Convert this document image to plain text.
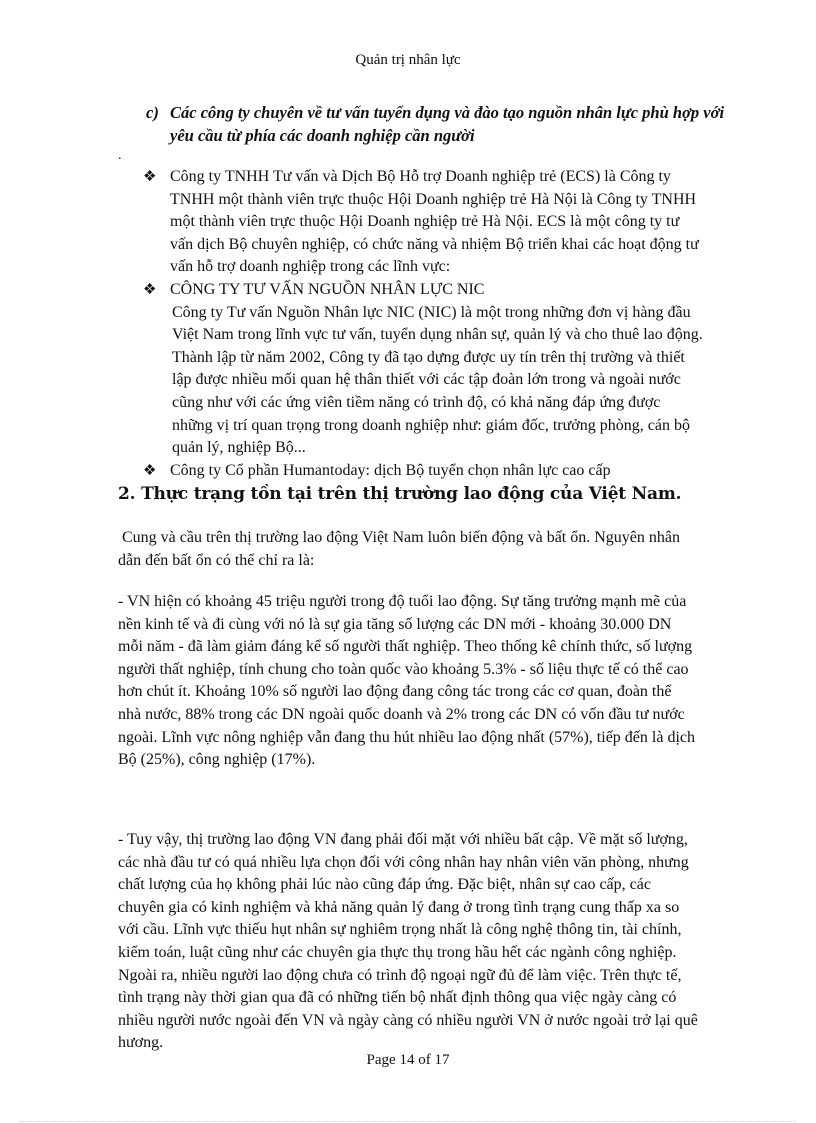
Quản trị nhân lực
c) Các công ty chuyên về tư vấn tuyển dụng và đào tạo nguồn nhân lực phù hợp với yêu cầu từ phía các doanh nghiệp cần người
.
❖ Công ty TNHH Tư vấn và Dịch Bộ Hỗ trợ Doanh nghiệp trẻ (ECS) là Công ty TNHH một thành viên trực thuộc Hội Doanh nghiệp trẻ Hà Nội là Công ty TNHH một thành viên trực thuộc Hội Doanh nghiệp trẻ Hà Nội. ECS là một công ty tư vấn dịch Bộ chuyên nghiệp, có chức năng và nhiệm Bộ triển khai các hoạt động tư vấn hỗ trợ doanh nghiệp trong các lĩnh vực:
❖ CÔNG TY TƯ VẤN NGUỒN NHÂN LỰC NIC
Công ty Tư vấn Nguồn Nhân lực NIC (NIC) là một trong những đơn vị hàng đầu Việt Nam trong lĩnh vực tư vấn, tuyển dụng nhân sự, quản lý và cho thuê lao động. Thành lập từ năm 2002, Công ty đã tạo dựng được uy tín trên thị trường và thiết lập được nhiều mối quan hệ thân thiết với các tập đoàn lớn trong và ngoài nước cũng như với các ứng viên tiềm năng có trình độ, có khả năng đáp ứng được những vị trí quan trọng trong doanh nghiệp như: giám đốc, trưởng phòng, cán bộ quản lý, nghiệp Bộ...
❖ Công ty Cổ phần Humantoday: dịch Bộ tuyển chọn nhân lực cao cấp
2. Thực trạng tồn tại trên thị trường lao động của Việt Nam.
Cung và cầu trên thị trường lao động Việt Nam luôn biến động và bất ổn. Nguyên nhân dẫn đến bất ổn có thể chỉ ra là:
- VN hiện có khoảng 45 triệu người trong độ tuổi lao động. Sự tăng trưởng mạnh mẽ của nền kinh tế và đi cùng với nó là sự gia tăng số lượng các DN mới - khoảng 30.000 DN mỗi năm - đã làm giảm đáng kể số người thất nghiệp. Theo thống kê chính thức, số lượng người thất nghiệp, tính chung cho toàn quốc vào khoảng 5.3% - số liệu thực tế có thể cao hơn chút ít. Khoảng 10% số người lao động đang công tác trong các cơ quan, đoàn thể nhà nước, 88% trong các DN ngoài quốc doanh và 2% trong các DN có vốn đầu tư nước ngoài. Lĩnh vực nông nghiệp vẫn đang thu hút nhiều lao động nhất (57%), tiếp đến là dịch Bộ (25%), công nghiệp (17%).
- Tuy vậy, thị trường lao động VN đang phải đối mặt với nhiều bất cập. Về mặt số lượng, các nhà đầu tư có quá nhiều lựa chọn đối với công nhân hay nhân viên văn phòng, nhưng chất lượng của họ không phải lúc nào cũng đáp ứng. Đặc biệt, nhân sự cao cấp, các chuyên gia có kinh nghiệm và khả năng quản lý đang ở trong tình trạng cung thấp xa so với cầu. Lĩnh vực thiếu hụt nhân sự nghiêm trọng nhất là công nghệ thông tin, tài chính, kiểm toán, luật cũng như các chuyên gia thực thụ trong hầu hết các ngành công nghiệp. Ngoài ra, nhiều người lao động chưa có trình độ ngoại ngữ đủ để làm việc. Trên thực tế, tình trạng này thời gian qua đã có những tiến bộ nhất định thông qua việc ngày càng có nhiều người nước ngoài đến VN và ngày càng có nhiều người VN ở nước ngoài trở lại quê hương.
Page 14 of 17
